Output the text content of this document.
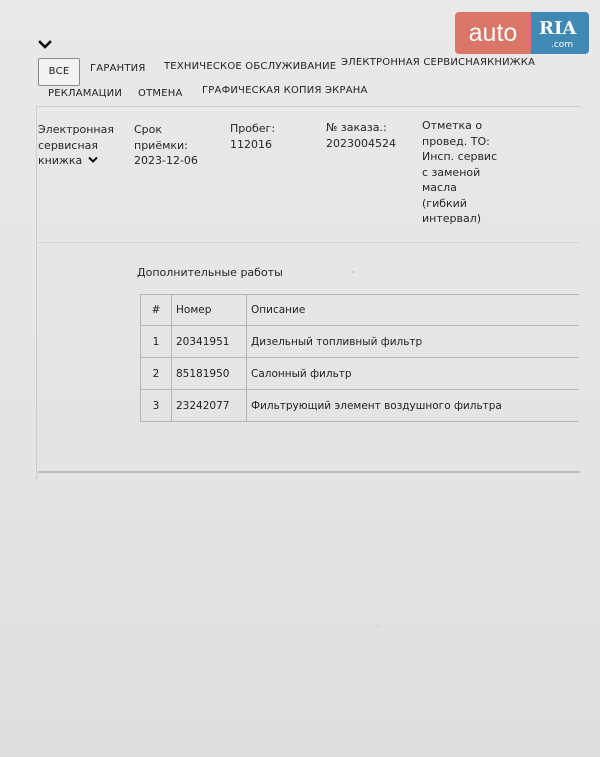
auto	RIA
.com
ВСЕ	ГАРАНТИЯ ТЕХНИЧЕСКОЕ ОБСЛУЖИВАНИЕ ЭЛЕКТРОННАЯ СЕРВИСНАЯКНИЖКА
РЕКЛАМАЦИИ ОТМЕНА ГРАФИЧЕСКАЯ КОПИЯ ЭКРАНА
Электронная
сервисная
книжка
Срок
приёмки:
2023-12-06
Пробег:
112016
№ заказа.:
2023004524
Отметка о
провед. ТО:
Инсп. сервис
с заменой
масла
(гибкий
интервал)
Дополнительные работы
#	Номер	Описание
1	20341951	Дизельный топливный фильтр
2	85181950	Салонный фильтр
3	23242077	Фильтрующий элемент воздушного фильтра
